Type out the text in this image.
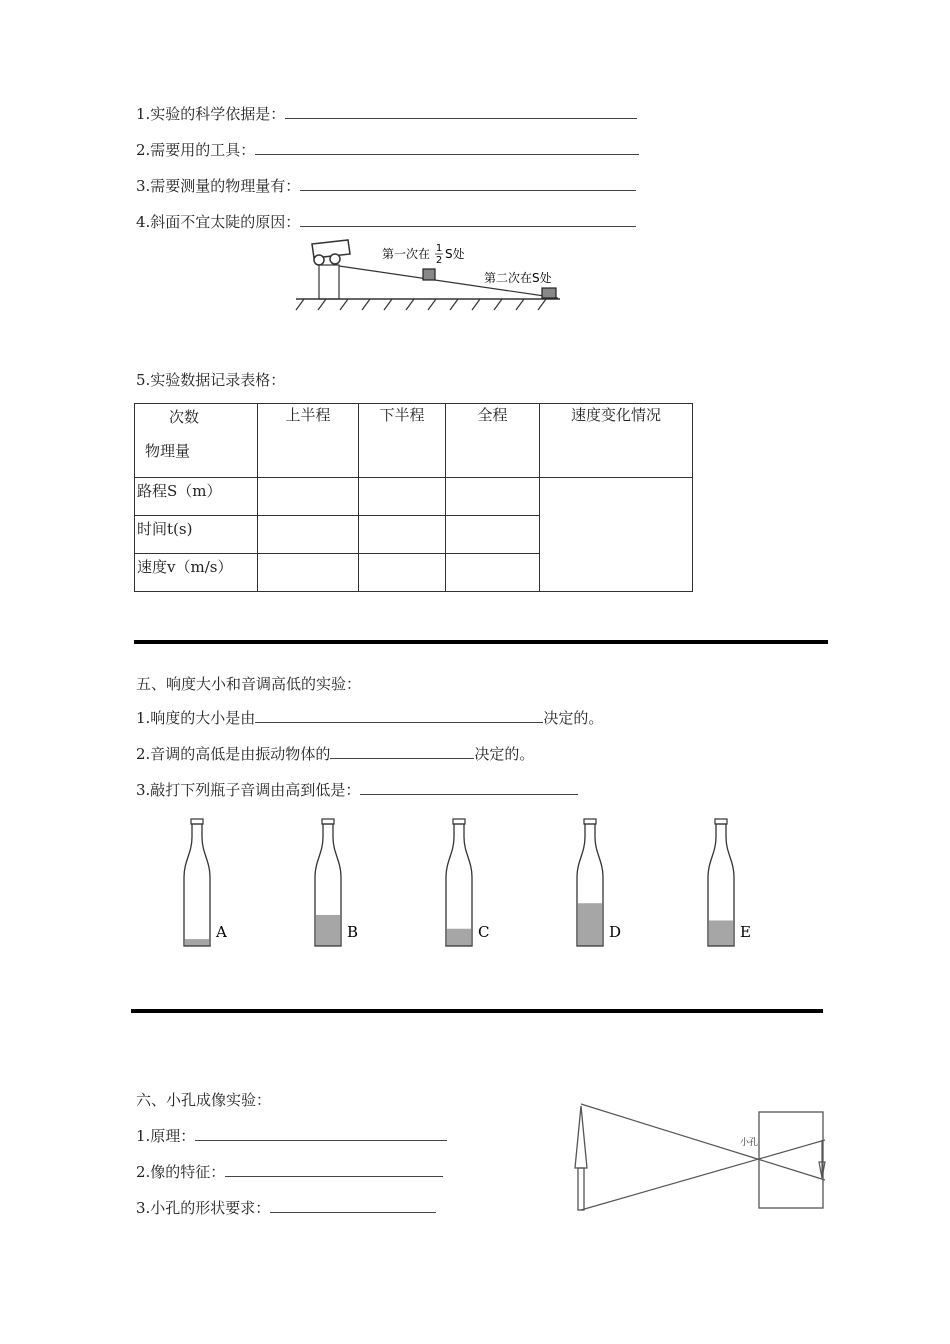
1.实验的科学依据是：
2.需要用的工具：
3.需要测量的物理量有：
4.斜面不宜太陡的原因：
第一次在 1
2 S处
第二次在S处
5.实验数据记录表格：
次数
物理量	上半程	下半程	全程	速度变化情况
路程S（m）				
时间t(s)				
速度v（m/s）				
五、响度大小和音调高低的实验：
1.响度的大小是由	决定的。
2.音调的高低是由振动物体的	决定的。
3.敲打下列瓶子音调由高到低是：
A	B	C	D	E
六、小孔成像实验：
1.原理：
2.像的特征：
3.小孔的形状要求：
小孔
